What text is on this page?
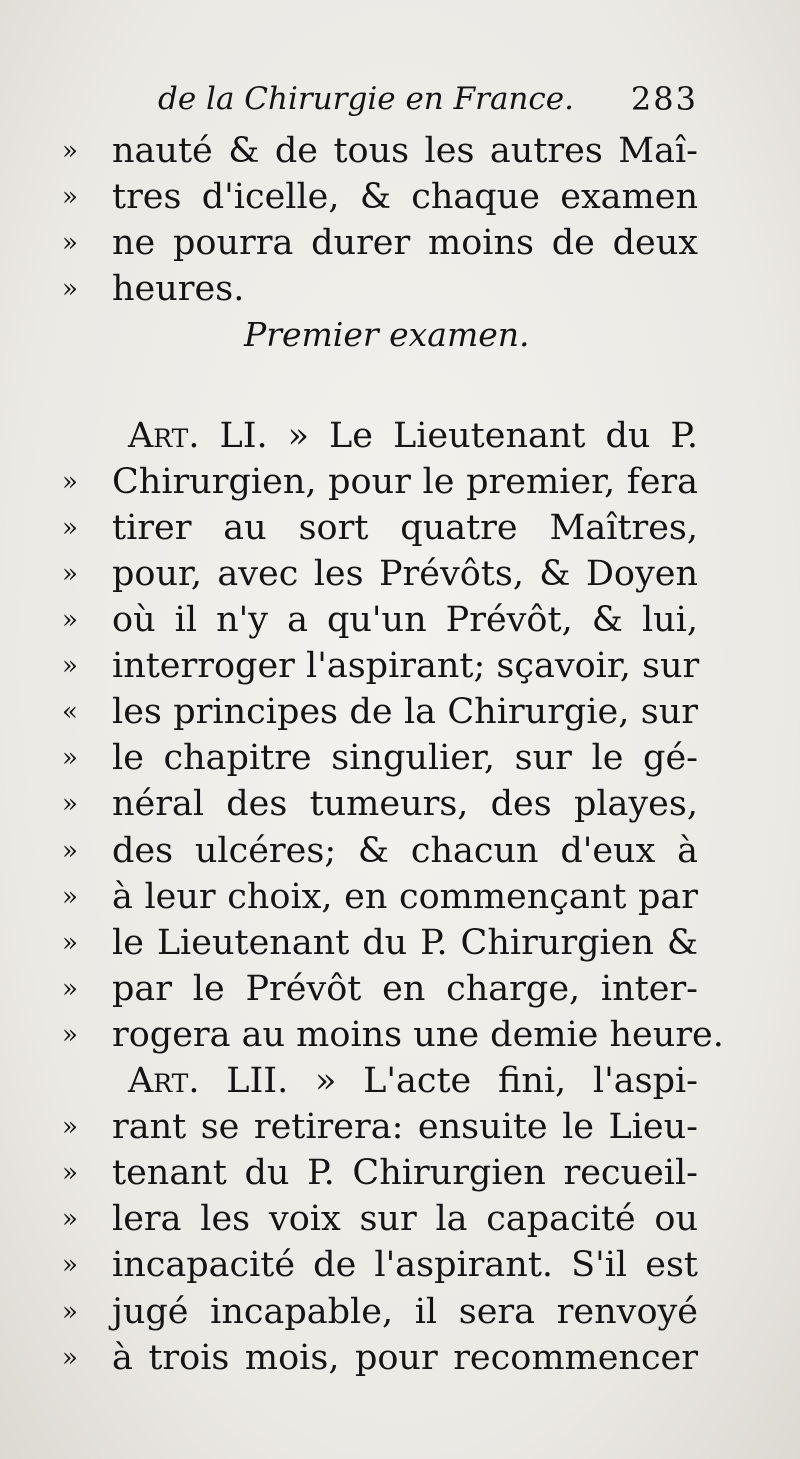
de la Chirurgie en France. 283
» nauté & de tous les autres Maî-
» tres d'icelle, & chaque examen
» ne pourra durer moins de deux
» heures.
Premier examen.
Art. LI. » Le Lieutenant du P.
» Chirurgien, pour le premier, fera
» tirer au sort quatre Maîtres,
» pour, avec les Prévôts, & Doyen
» où il n'y a qu'un Prévôt, & lui,
» interroger l'aspirant; sçavoir, sur
« les principes de la Chirurgie, sur
» le chapitre singulier, sur le gé-
» néral des tumeurs, des playes,
» des ulcéres; & chacun d'eux à
» à leur choix, en commençant par
» le Lieutenant du P. Chirurgien &
» par le Prévôt en charge, inter-
» rogera au moins une demie heure.
Art. LII. » L'acte fini, l'aspi-
» rant se retirera: ensuite le Lieu-
» tenant du P. Chirurgien recueil-
» lera les voix sur la capacité ou
» incapacité de l'aspirant. S'il est
» jugé incapable, il sera renvoyé
» à trois mois, pour recommencer
